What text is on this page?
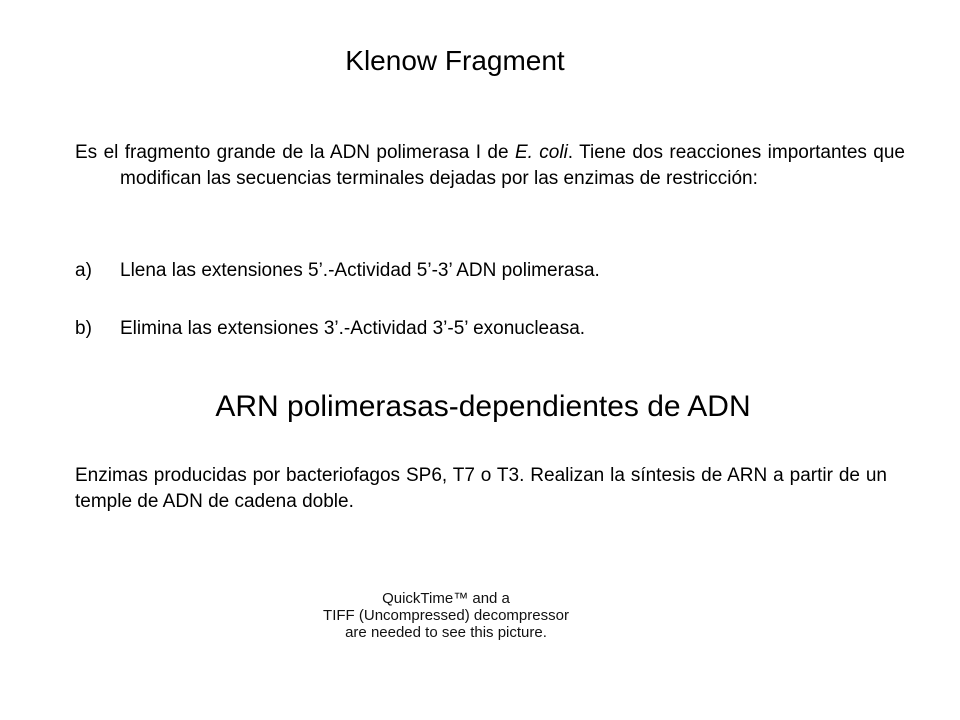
Klenow Fragment
Es el fragmento grande de la ADN polimerasa I de E. coli. Tiene dos reacciones importantes que modifican las secuencias terminales dejadas por las enzimas de restricción:
a) Llena las extensiones 5’.-Actividad 5’-3’ ADN polimerasa.
b) Elimina las extensiones 3’.-Actividad 3’-5’ exonucleasa.
ARN polimerasas-dependientes de ADN
Enzimas producidas por bacteriofagos SP6, T7 o T3. Realizan la síntesis de ARN a partir de un temple de ADN de cadena doble.
QuickTime™ and a
TIFF (Uncompressed) decompressor
are needed to see this picture.
